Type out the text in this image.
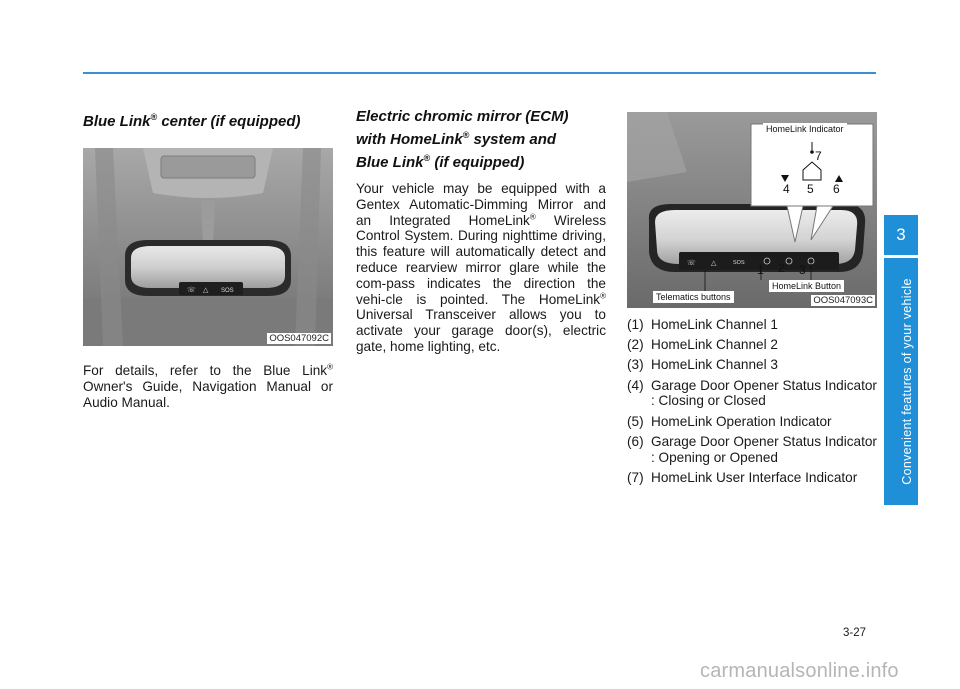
3
Convenient features of your vehicle
Blue Link® center (if equipped)
☏ △ SOS
OOS047092C

For details, refer to the Blue Link® Owner's Guide, Navigation Manual or Audio Manual.

Electric chromic mirror (ECM)
with HomeLink® system and
Blue Link® (if equipped)

Your vehicle may be equipped with a Gentex Automatic-Dimming Mirror and an Integrated HomeLink® Wireless Control System. During nighttime driving, this feature will automatically detect and reduce rearview mirror glare while the com-pass indicates the direction the vehi-cle is pointed. The HomeLink® Universal Transceiver allows you to activate your garage door(s), electric gate, home lighting, etc.

☏ △	SOS
7
4 5 6
1 2 3
HomeLink Indicator
Telematics buttons
HomeLink Button
OOS047093C
(1) HomeLink Channel 1
(2) HomeLink Channel 2
(3) HomeLink Channel 3
(4) Garage Door Opener Status Indicator : Closing or Closed
(5) HomeLink Operation Indicator
(6) Garage Door Opener Status Indicator : Opening or Opened
(7) HomeLink User Interface Indicator
3-27
carmanualsonline.info
